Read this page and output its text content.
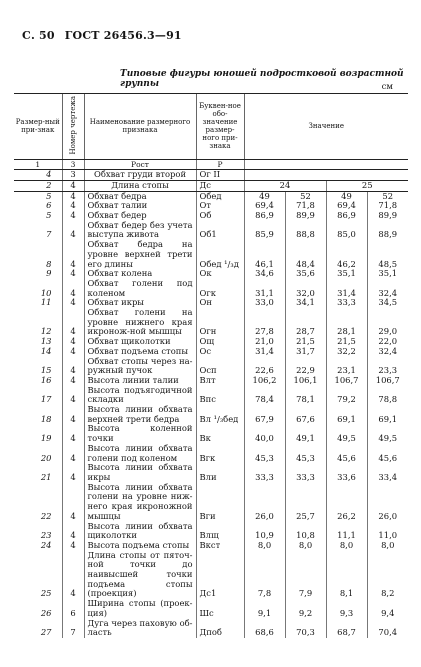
С. 50 ГОСТ 26456.3—91
Типовые фигуры юношей подростковой возрастной группы	см
Размер-ный при-знак	Номер чертежа	Наименование размерного признака	Буквен-ное обо-значение размер-ного при-знака	Значение			
1	3	Рост	Р				
4	3	Обхват груди второй	Ог II				
2	4	Длина стопы	Дс	24		25	
5	4	Обхват бедра	Обед	49	52	49	52
6	4	Обхват талии	От	69,4	71,8	69,4	71,8
5	4	Обхват бедер	Об	86,9	89,9	86,9	89,9
7	4	Обхват бедер без учета выступа живота	Об1	85,9	88,8	85,0	88,9
8	4	Обхват бедра на уровне верхней трети его длины	Обед ¹/₃д	46,1	48,4	46,2	48,5
9	4	Обхват колена	Ок	34,6	35,6	35,1	35,1
10	4	Обхват голени под коленом	Огк	31,1	32,0	31,4	32,4
11	4	Обхват икры	Он	33,0	34,1	33,3	34,5
12	4	Обхват голени на уровне нижнего края икронож-ной мышцы	Огн	27,8	28,7	28,1	29,0
13	4	Обхват щиколотки	Ощ	21,0	21,5	21,5	22,0
14	4	Обхват подъема стопы	Ос	31,4	31,7	32,2	32,4
15	4	Обхват стопы через на-ружный пучок	Осп	22,6	22,9	23,1	23,3
16	4	Высота линии талии	Влт	106,2	106,1	106,7	106,7
17	4	Высота подъягодичной складки	Впс	78,4	78,1	79,2	78,8
18	4	Высота линии обхвата верхней трети бедра	Вл ¹/₃бед	67,9	67,6	69,1	69,1
19	4	Высота коленной точки	Вк	40,0	49,1	49,5	49,5
20	4	Высота линии обхвата голени под коленом	Вгк	45,3	45,3	45,6	45,6
21	4	Высота линии обхвата икры	Вли	33,3	33,3	33,6	33,4
22	4	Высота линии обхвата голени на уровне ниж-него края икроножной мышцы	Вги	26,0	25,7	26,2	26,0
23	4	Высота линии обхвата щиколотки	Влщ	10,9	10,8	11,1	11,0
24	4	Высота подъема стопы	Вкст	8,0	8,0	8,0	8,0
25	4	Длина стопы от пяточ-ной точки до наивысшей точки подъема стопы (проекция)	Дс1	7,8	7,9	8,1	8,2
26	6	Ширина стопы (проек-ция)	Шс	9,1	9,2	9,3	9,4
27	7	Дуга через паховую об-ласть	Дпоб	68,6	70,3	68,7	70,4
